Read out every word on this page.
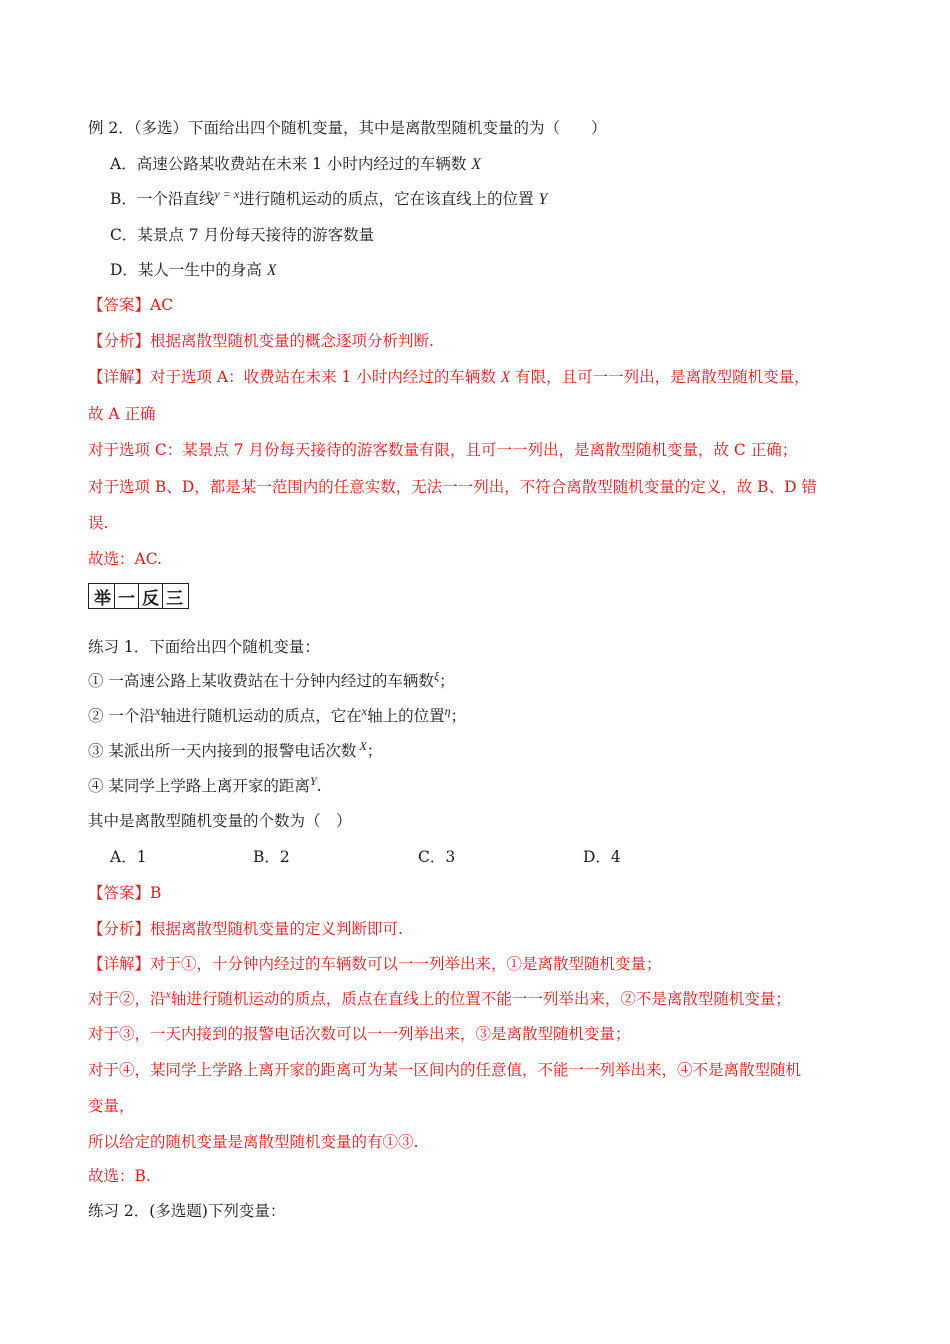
例 2．（多选）下面给出四个随机变量，其中是离散型随机变量的为（　　）
A．高速公路某收费站在未来 1 小时内经过的车辆数 X
B．一个沿直线$^{y = x}$进行随机运动的质点，它在该直线上的位置 Y
C．某景点 7 月份每天接待的游客数量
D．某人一生中的身高 X
【答案】AC
【分析】根据离散型随机变量的概念逐项分析判断.
【详解】对于选项 A：收费站在未来 1 小时内经过的车辆数 X 有限，且可一一列出，是离散型随机变量，
故 A 正确
对于选项 C：某景点 7 月份每天接待的游客数量有限，且可一一列出，是离散型随机变量，故 C 正确；
对于选项 B、D，都是某一范围内的任意实数，无法一一列出，不符合离散型随机变量的定义，故 B、D 错
误.
故选：AC.
举 一 反 三
练习 1．下面给出四个随机变量：
① 一高速公路上某收费站在十分钟内经过的车辆数$^\xi$；
② 一个沿$^x$轴进行随机运动的质点，它在$^x$轴上的位置$^\eta$；
③ 某派出所一天内接到的报警电话次数 $^X$；
④ 某同学上学路上离开家的距离$^Y$.
其中是离散型随机变量的个数为（　）
A．1	B．2	C．3	D．4
【答案】B
【分析】根据离散型随机变量的定义判断即可.
【详解】对于①，十分钟内经过的车辆数可以一一列举出来，①是离散型随机变量；
对于②，沿$^x$轴进行随机运动的质点，质点在直线上的位置不能一一列举出来，②不是离散型随机变量；
对于③，一天内接到的报警电话次数可以一一列举出来，③是离散型随机变量；
对于④，某同学上学路上离开家的距离可为某一区间内的任意值，不能一一列举出来，④不是离散型随机
变量，
所以给定的随机变量是离散型随机变量的有①③.
故选：B.
练习 2．(多选题)下列变量：
